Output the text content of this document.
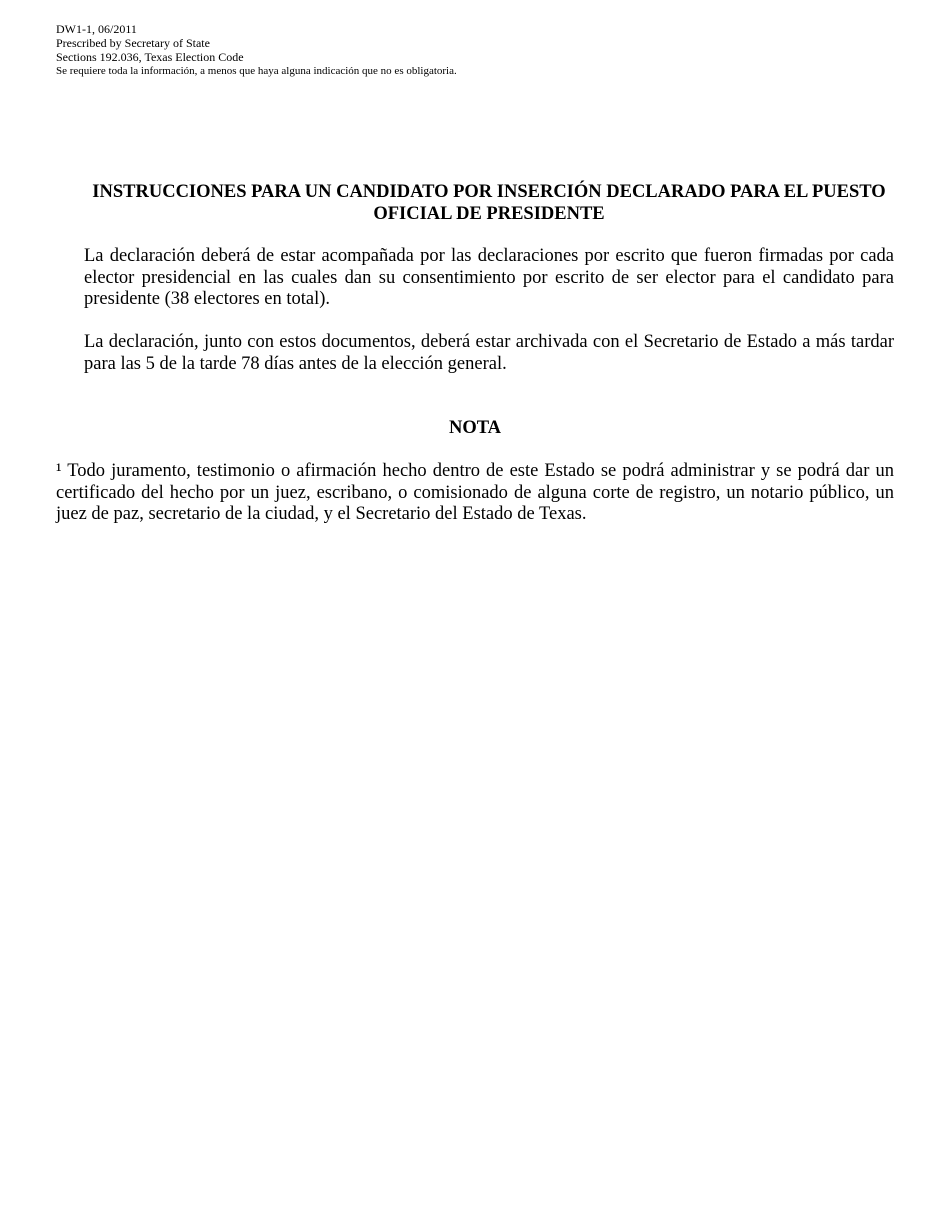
DW1-1, 06/2011

Prescribed by Secretary of State

Sections 192.036, Texas Election Code

Se requiere toda la información, a menos que haya alguna indicación que no es obligatoria.

INSTRUCCIONES PARA UN CANDIDATO POR INSERCIÓN DECLARADO PARA EL PUESTO OFICIAL DE PRESIDENTE

La declaración deberá de estar acompañada por las declaraciones por escrito que fueron firmadas por cada elector presidencial en las cuales dan su consentimiento por escrito de ser elector para el candidato para presidente (38 electores en total).

La declaración, junto con estos documentos, deberá estar archivada con el Secretario de Estado a más tardar para las 5 de la tarde 78 días antes de la elección general.

NOTA

¹ Todo juramento, testimonio o afirmación hecho dentro de este Estado se podrá administrar y se podrá dar un certificado del hecho por un juez, escribano, o comisionado de alguna corte de registro, un notario público, un juez de paz, secretario de la ciudad, y el Secretario del Estado de Texas.
